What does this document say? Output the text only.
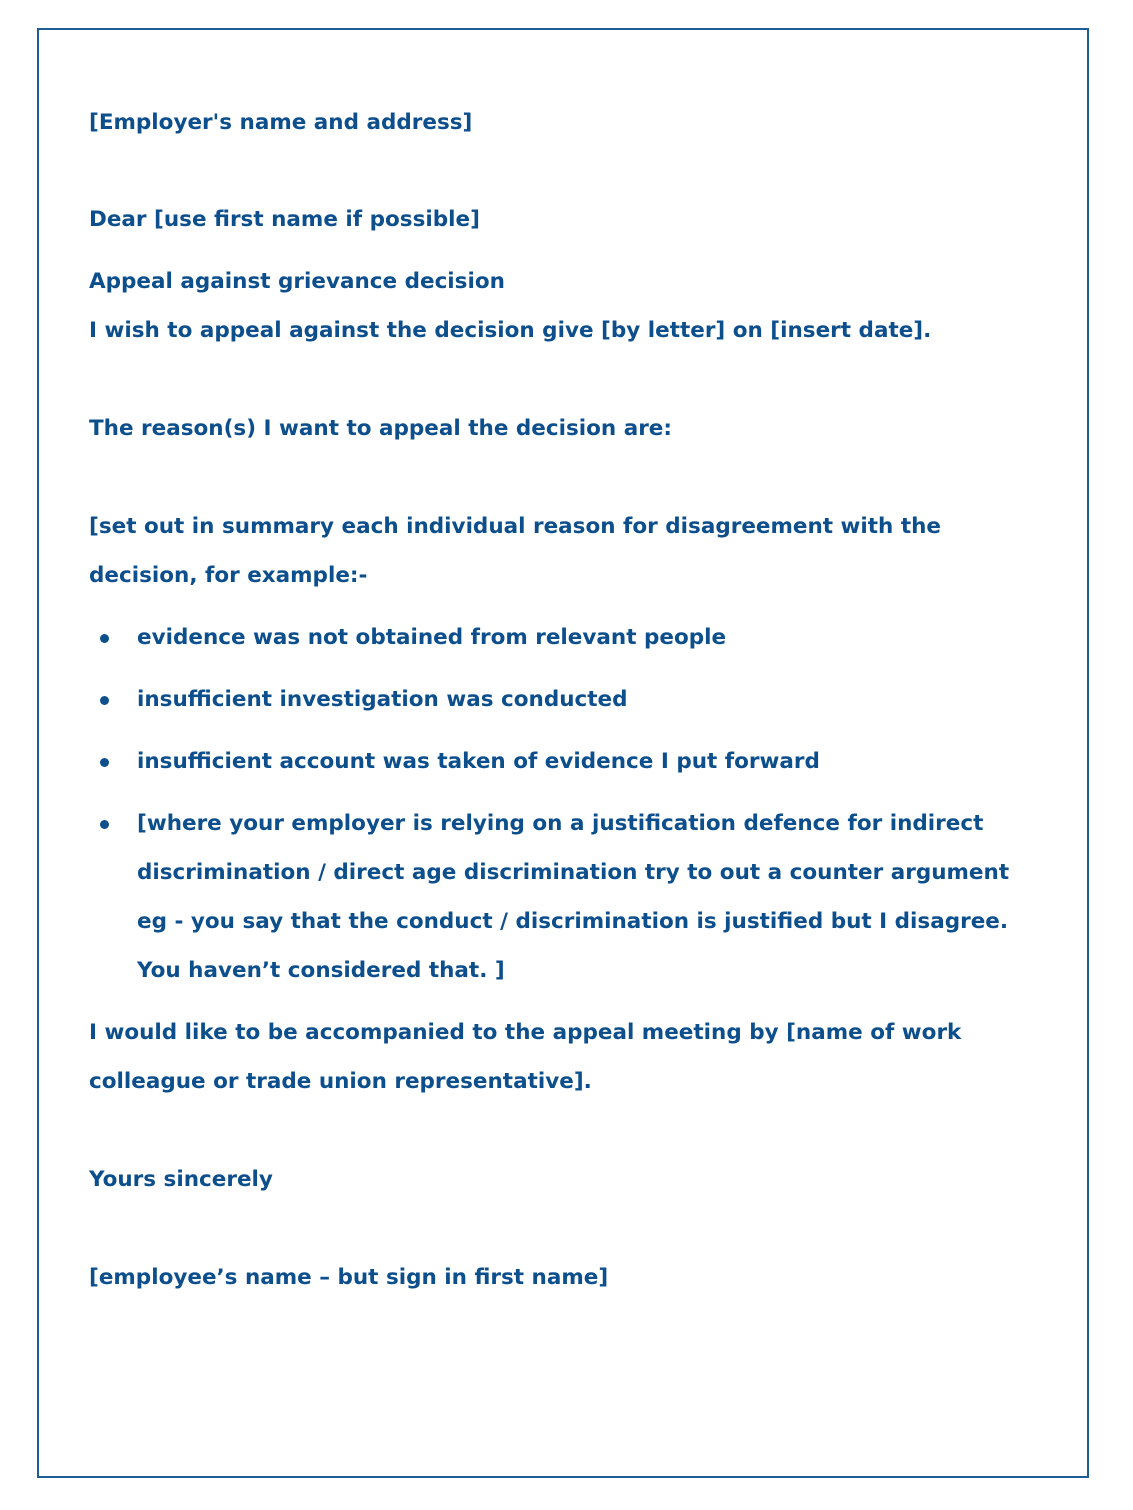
[Employer's name and address]

Dear [use first name if possible]

Appeal against grievance decision

I wish to appeal against the decision give [by letter] on [insert date].

The reason(s) I want to appeal the decision are:

[set out in summary each individual reason for disagreement with the

decision, for example:-

evidence was not obtained from relevant people

insufficient investigation was conducted

insufficient account was taken of evidence I put forward

[where your employer is relying on a justification defence for indirect

discrimination / direct age discrimination try to out a counter argument

eg - you say that the conduct / discrimination is justified but I disagree.

You haven’t considered that. ]

I would like to be accompanied to the appeal meeting by [name of work

colleague or trade union representative].

Yours sincerely

[employee’s name – but sign in first name]
